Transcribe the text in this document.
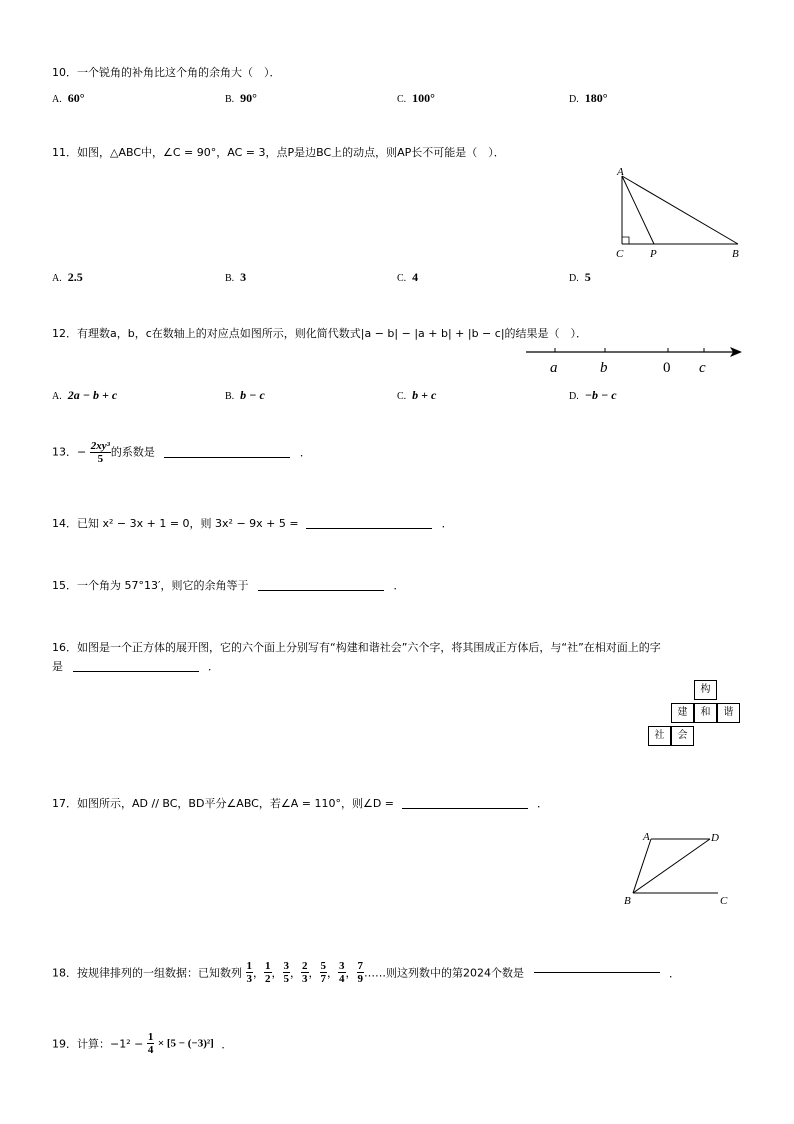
10．一个锐角的补角比这个角的余角大（　）．
A. 60°	B. 90°	C. 100°	D. 180°
11．如图，△ABC中，∠C = 90°，AC = 3，点P是边BC上的动点，则AP长不可能是（　）．
A
C P	B
A. 2.5	B. 3	C. 4	D. 5
12．有理数a，b，c在数轴上的对应点如图所示，则化简代数式|a − b| − |a + b| + |b − c|的结果是（　）．
a	b	0 c
A. 2a − b + c	B. b − c	C. b + c	D. −b − c
13．− $\frac{\text{2xy³}}{5}$ 的系数是	．
14．已知 x² − 3x + 1 = 0，则 3x² − 9x + 5 =	．
15．一个角为 57°13′，则它的余角等于	．
16．如图是一个正方体的展开图，它的六个面上分别写有“构建和谐社会”六个字，将其围成正方体后，与“社”在相对面上的字
是	．
构
建	和	谐
社	会
17．如图所示，AD // BC，BD平分∠ABC，若∠A = 110°，则∠D =	．
A	D
B	C
18．按规律排列的一组数据：已知数列 $\frac{1}{3}$ ， $\frac{1}{2}$ ， $\frac{3}{5}$ ， $\frac{2}{3}$ ， $\frac{5}{7}$ ， $\frac{3}{4}$ ， $\frac{7}{9}$ ……则这列数中的第2024个数是	．
19．计算：$-1^2 - \frac{1}{4} \times [5 - (-3)^2]$ ．
